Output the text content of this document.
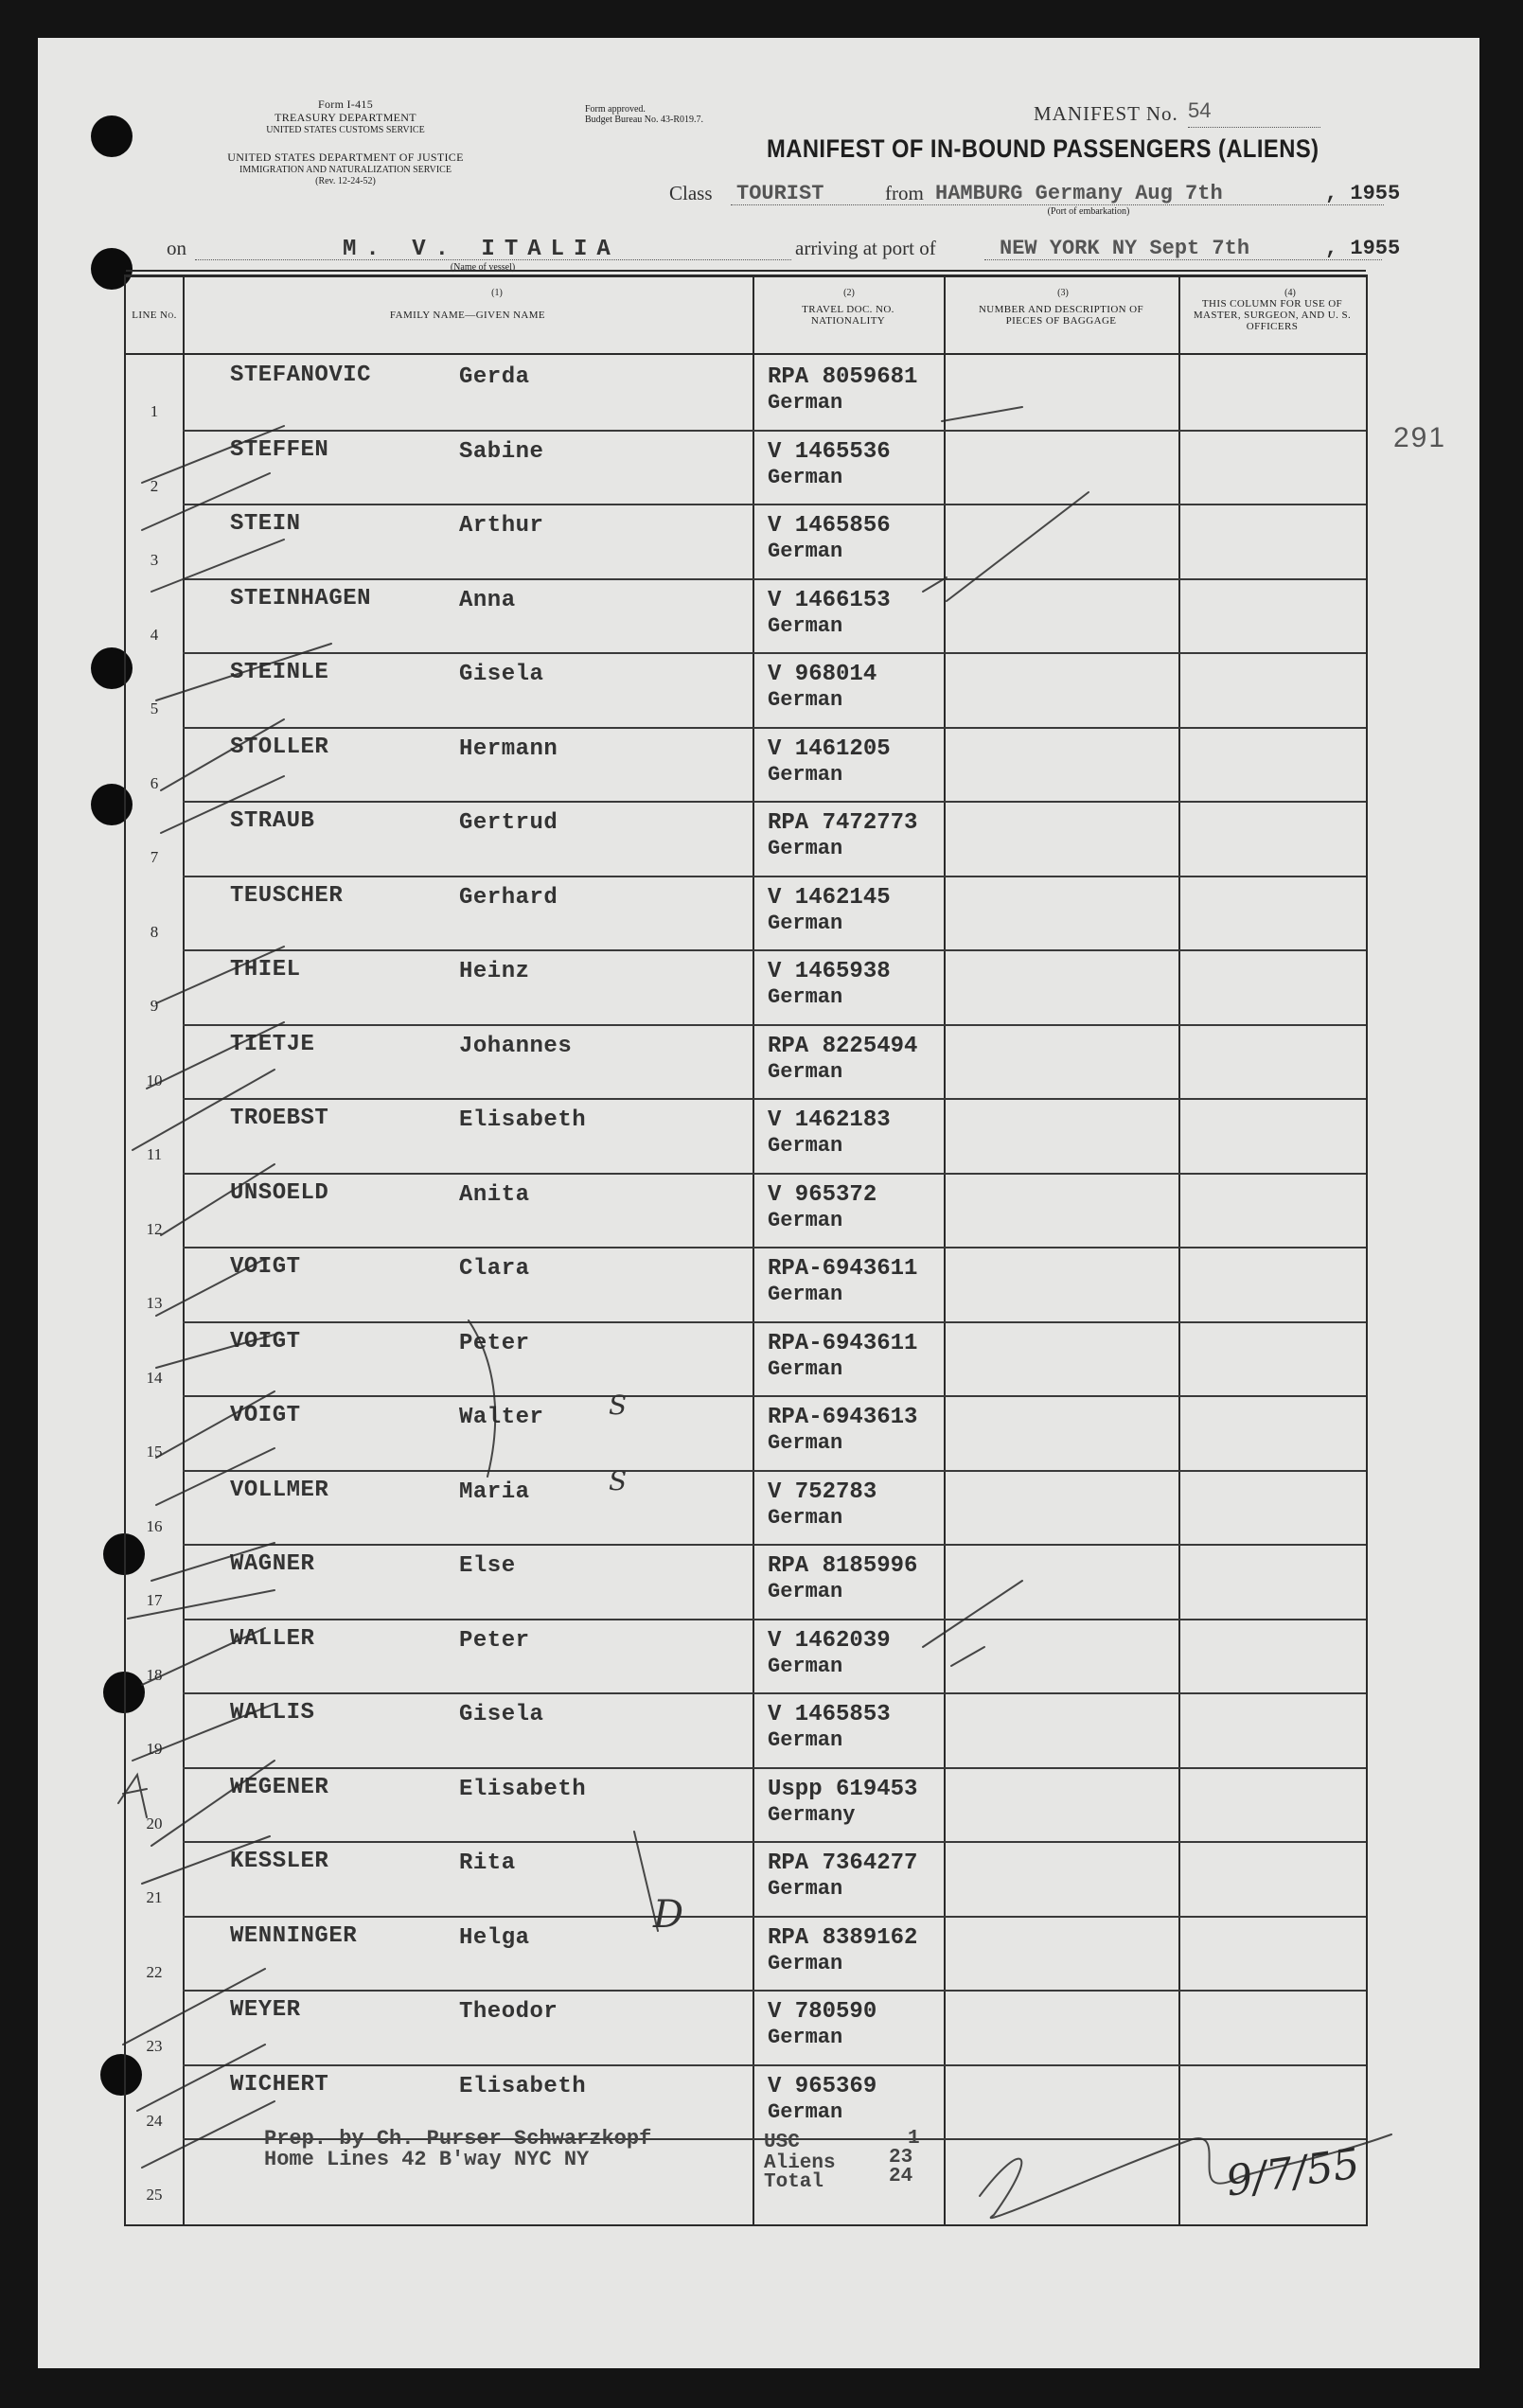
Form I-415
TREASURY DEPARTMENT
UNITED STATES CUSTOMS SERVICE
UNITED STATES DEPARTMENT OF JUSTICE
IMMIGRATION AND NATURALIZATION SERVICE
(Rev. 12-24-52)
Form approved.
Budget Bureau No. 43-R019.7.	MANIFEST No. 54
MANIFEST OF IN-BOUND PASSENGERS (ALIENS)
Class TOURIST	from HAMBURG Germany Aug 7th	, 1955
(Port of embarkation)
on	M. V. ITALIA
(Name of vessel)
arriving at port of	NEW YORK NY Sept 7th	, 1955
(1)	(2)	(3)	(4)
291
LINE No.	FAMILY NAME—GIVEN NAME	TRAVEL DOC. NO. NATIONALITY
NUMBER AND DESCRIPTION OF PIECES OF BAGGAGE
THIS COLUMN FOR USE OF MASTER, SURGEON, AND U. S. OFFICERS
1
STEFANOVIC	Gerda	RPA 8059681
German
2
STEFFEN	Sabine	V 1465536
German
3
STEIN	Arthur	V 1465856
German
4
STEINHAGEN	Anna	V 1466153
German
5
STEINLE	Gisela	V 968014
German
6
STOLLER	Hermann	V 1461205
German
7
STRAUB	Gertrud	RPA 7472773
German
8
TEUSCHER	Gerhard	V 1462145
German
9
THIEL	Heinz	V 1465938
German
10
TIETJE	Johannes	RPA 8225494
German
11
TROEBST	Elisabeth	V 1462183
German
12
UNSOELD	Anita	V 965372
German
13
VOIGT	Clara	RPA-6943611
German
14
VOIGT	Peter	RPA-6943611
German
15
VOIGT	Walter	RPA-6943613
German
16
VOLLMER	Maria	V 752783
German
17
WAGNER	Else	RPA 8185996
German
18
WALLER	Peter	V 1462039
German
19
WALLIS	Gisela	V 1465853
German
20
WEGENER	Elisabeth	Uspp 619453
Germany
21
KESSLER	Rita	RPA 7364277
German
22
WENNINGER	Helga	RPA 8389162
German
23
WEYER	Theodor	V 780590
German
24
WICHERT	Elisabeth	V 965369
German
25
Prep. by Ch. Purser Schwarzkopf
Home Lines 42 B'way NYC NY
USC	1
Aliens	23
Total	24
S
S
D
9/7/55
